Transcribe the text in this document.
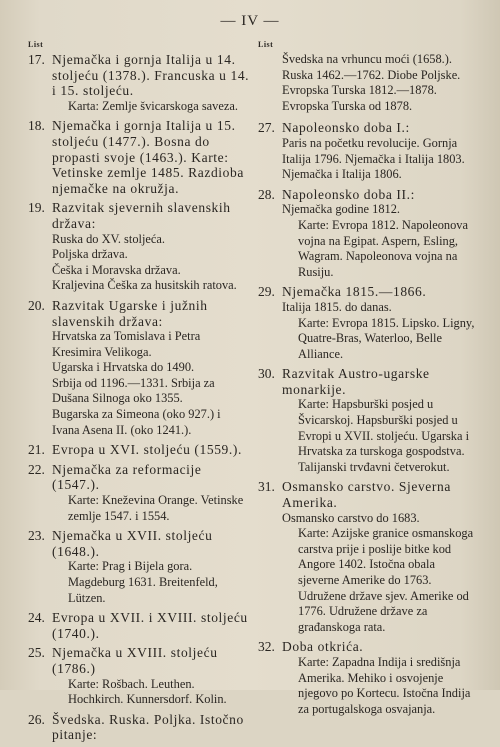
— IV —
List
17. Njemačka i gornja Italija u 14. stoljeću (1378.). Francuska u 14. i 15. stoljeću.
Karta: Zemlje švicarskoga saveza.
18. Njemačka i gornja Italija u 15. stoljeću (1477.). Bosna do propasti svoje (1463.). Karte: Vetinske zemlje 1485. Razdioba njemačke na okružja.
19. Razvitak sjevernih slavenskih država:
Ruska do XV. stoljeća.
Poljska država.
Češka i Moravska država.
Kraljevina Češka za husitskih ratova.
20. Razvitak Ugarske i južnih slavenskih država:
Hrvatska za Tomislava i Petra Kresimira Velikoga.
Ugarska i Hrvatska do 1490.
Srbija od 1196.—1331. Srbija za Dušana Silnoga oko 1355.
Bugarska za Simeona (oko 927.) i Ivana Asena II. (oko 1241.).
21. Evropa u XVI. stoljeću (1559.).
22. Njemačka za reformacije (1547.).
Karte: Kneževina Orange. Vetinske zemlje 1547. i 1554.
23. Njemačka u XVII. stoljeću (1648.).
Karte: Prag i Bijela gora. Magdeburg 1631. Breitenfeld, Lützen.
24. Evropa u XVII. i XVIII. stoljeću (1740.).
25. Njemačka u XVIII. stoljeću (1786.)
Karte: Rošbach. Leuthen. Hochkirch. Kunnersdorf. Kolin.
26. Švedska. Ruska. Poljka. Istočno pitanje:
List
Švedska na vrhuncu moći (1658.).
Ruska 1462.—1762. Diobe Poljske.
Evropska Turska 1812.—1878. Evropska Turska od 1878.
27. Napoleonsko doba I.:
Paris na početku revolucije. Gornja Italija 1796. Njemačka i Italija 1803. Njemačka i Italija 1806.
28. Napoleonsko doba II.:
Njemačka godine 1812.
Karte: Evropa 1812. Napoleonova vojna na Egipat. Aspern, Esling, Wagram. Napoleonova vojna na Rusiju.
29. Njemačka 1815.—1866.
Italija 1815. do danas.
Karte: Evropa 1815. Lipsko. Ligny, Quatre-Bras, Waterloo, Belle Alliance.
30. Razvitak Austro-ugarske monarkije.
Karte: Hapsburški posjed u Švicarskoj. Hapsburški posjed u Evropi u XVII. stoljeću. Ugarska i Hrvatska za turskoga gospodstva. Talijanski trvđavni četverokut.
31. Osmansko carstvo. Sjeverna Amerika.
Osmansko carstvo do 1683.
Karte: Azijske granice osmanskoga carstva prije i poslije bitke kod Angore 1402. Istočna obala sjeverne Amerike do 1763. Udružene države sjev. Amerike od 1776. Udružene države za građanskoga rata.
32. Doba otkrića.
Karte: Zapadna Indija i središnja Amerika. Mehiko i osvojenje njegovo po Kortecu. Istočna Indija za portugalskoga osvajanja.
